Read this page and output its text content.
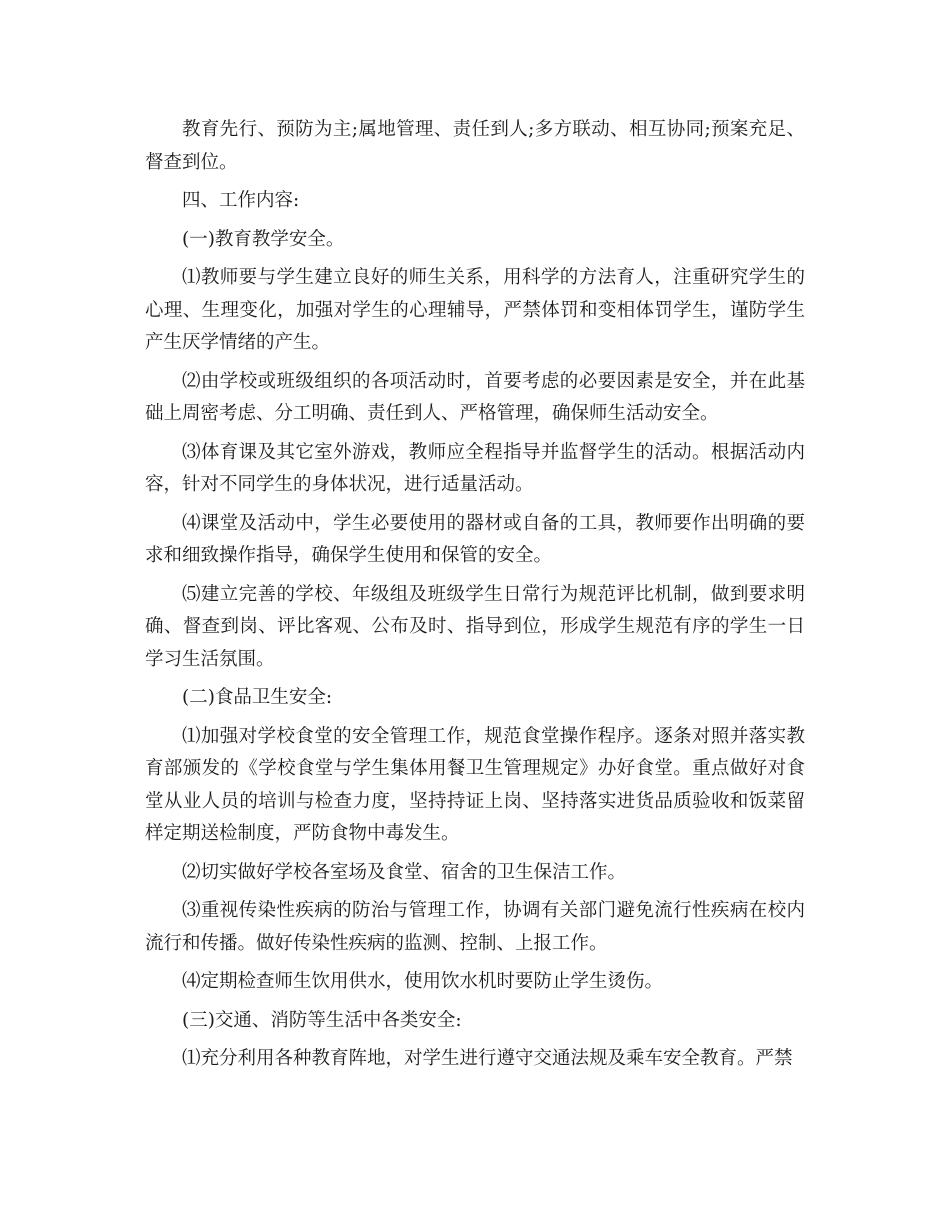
教育先行、预防为主;属地管理、责任到人;多方联动、相互协同;预案充足、督查到位。

四、工作内容:

(一)教育教学安全。

⑴教师要与学生建立良好的师生关系，用科学的方法育人，注重研究学生的心理、生理变化，加强对学生的心理辅导，严禁体罚和变相体罚学生，谨防学生产生厌学情绪的产生。

⑵由学校或班级组织的各项活动时，首要考虑的必要因素是安全，并在此基础上周密考虑、分工明确、责任到人、严格管理，确保师生活动安全。

⑶体育课及其它室外游戏，教师应全程指导并监督学生的活动。根据活动内容，针对不同学生的身体状况，进行适量活动。

⑷课堂及活动中，学生必要使用的器材或自备的工具，教师要作出明确的要求和细致操作指导，确保学生使用和保管的安全。

⑸建立完善的学校、年级组及班级学生日常行为规范评比机制，做到要求明确、督查到岗、评比客观、公布及时、指导到位，形成学生规范有序的学生一日学习生活氛围。

(二)食品卫生安全:

⑴加强对学校食堂的安全管理工作，规范食堂操作程序。逐条对照并落实教育部颁发的《学校食堂与学生集体用餐卫生管理规定》办好食堂。重点做好对食堂从业人员的培训与检查力度，坚持持证上岗、坚持落实进货品质验收和饭菜留样定期送检制度，严防食物中毒发生。

⑵切实做好学校各室场及食堂、宿舍的卫生保洁工作。

⑶重视传染性疾病的防治与管理工作，协调有关部门避免流行性疾病在校内流行和传播。做好传染性疾病的监测、控制、上报工作。

⑷定期检查师生饮用供水，使用饮水机时要防止学生烫伤。

(三)交通、消防等生活中各类安全:

⑴充分利用各种教育阵地，对学生进行遵守交通法规及乘车安全教育。严禁
